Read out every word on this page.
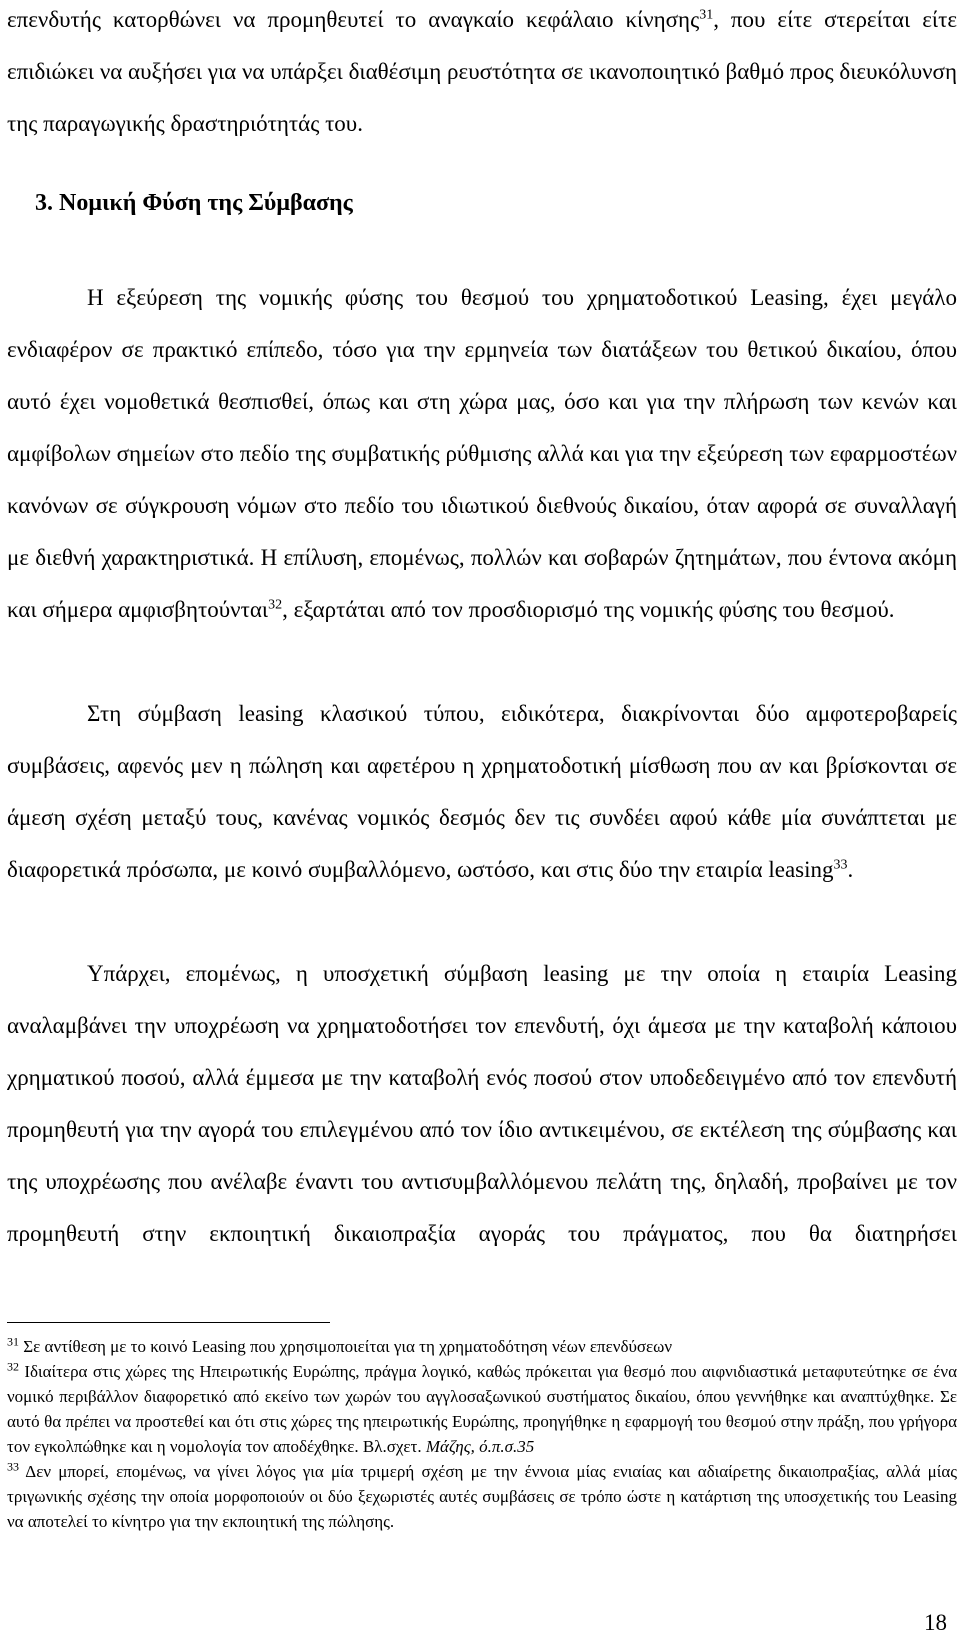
επενδυτής κατορθώνει να προμηθευτεί το αναγκαίο κεφάλαιο κίνησης$^{31}$, που είτε στερείται είτε επιδιώκει να αυξήσει για να υπάρξει διαθέσιμη ρευστότητα σε ικανοποιητικό βαθμό προς διευκόλυνση της παραγωγικής δραστηριότητάς του.

3. Νομική Φύση της Σύμβασης

Η εξεύρεση της νομικής φύσης του θεσμού του χρηματοδοτικού Leasing, έχει μεγάλο ενδιαφέρον σε πρακτικό επίπεδο, τόσο για την ερμηνεία των διατάξεων του θετικού δικαίου, όπου αυτό έχει νομοθετικά θεσπισθεί, όπως και στη χώρα μας, όσο και για την πλήρωση των κενών και αμφίβολων σημείων στο πεδίο της συμβατικής ρύθμισης αλλά και για την εξεύρεση των εφαρμοστέων κανόνων σε σύγκρουση νόμων στο πεδίο του ιδιωτικού διεθνούς δικαίου, όταν αφορά σε συναλλαγή με διεθνή χαρακτηριστικά. Η επίλυση, επομένως, πολλών και σοβαρών ζητημάτων, που έντονα ακόμη και σήμερα αμφισβητούνται$^{32}$, εξαρτάται από τον προσδιορισμό της νομικής φύσης του θεσμού.

Στη σύμβαση leasing κλασικού τύπου, ειδικότερα, διακρίνονται δύο αμφοτεροβαρείς συμβάσεις, αφενός μεν η πώληση και αφετέρου η χρηματοδοτική μίσθωση που αν και βρίσκονται σε άμεση σχέση μεταξύ τους, κανένας νομικός δεσμός δεν τις συνδέει αφού κάθε μία συνάπτεται με διαφορετικά πρόσωπα, με κοινό συμβαλλόμενο, ωστόσο, και στις δύο την εταιρία leasing$^{33}$.

Υπάρχει, επομένως, η υποσχετική σύμβαση leasing με την οποία η εταιρία Leasing αναλαμβάνει την υποχρέωση να χρηματοδοτήσει τον επενδυτή, όχι άμεσα με την καταβολή κάποιου χρηματικού ποσού, αλλά έμμεσα με την καταβολή ενός ποσού στον υποδεδειγμένο από τον επενδυτή προμηθευτή για την αγορά του επιλεγμένου από τον ίδιο αντικειμένου, σε εκτέλεση της σύμβασης και της υποχρέωσης που ανέλαβε έναντι του αντισυμβαλλόμενου πελάτη της, δηλαδή, προβαίνει με τον προμηθευτή στην εκποιητική δικαιοπραξία αγοράς του πράγματος, που θα διατηρήσει

$^{31}$ Σε αντίθεση με το κοινό Leasing που χρησιμοποιείται για τη χρηματοδότηση νέων επενδύσεων

$^{32}$ Ιδιαίτερα στις χώρες της Ηπειρωτικής Ευρώπης, πράγμα λογικό, καθώς πρόκειται για θεσμό που αιφνιδιαστικά μεταφυτεύτηκε σε ένα νομικό περιβάλλον διαφορετικό από εκείνο των χωρών του αγγλοσαξωνικού συστήματος δικαίου, όπου γεννήθηκε και αναπτύχθηκε. Σε αυτό θα πρέπει να προστεθεί και ότι στις χώρες της ηπειρωτικής Ευρώπης, προηγήθηκε η εφαρμογή του θεσμού στην πράξη, που γρήγορα τον εγκολπώθηκε και η νομολογία τον αποδέχθηκε. Βλ.σχετ. Μάζης, ό.π.σ.35

$^{33}$ Δεν μπορεί, επομένως, να γίνει λόγος για μία τριμερή σχέση με την έννοια μίας ενιαίας και αδιαίρετης δικαιοπραξίας, αλλά μίας τριγωνικής σχέσης την οποία μορφοποιούν οι δύο ξεχωριστές αυτές συμβάσεις σε τρόπο ώστε η κατάρτιση της υποσχετικής του Leasing να αποτελεί το κίνητρο για την εκποιητική της πώλησης.

18
